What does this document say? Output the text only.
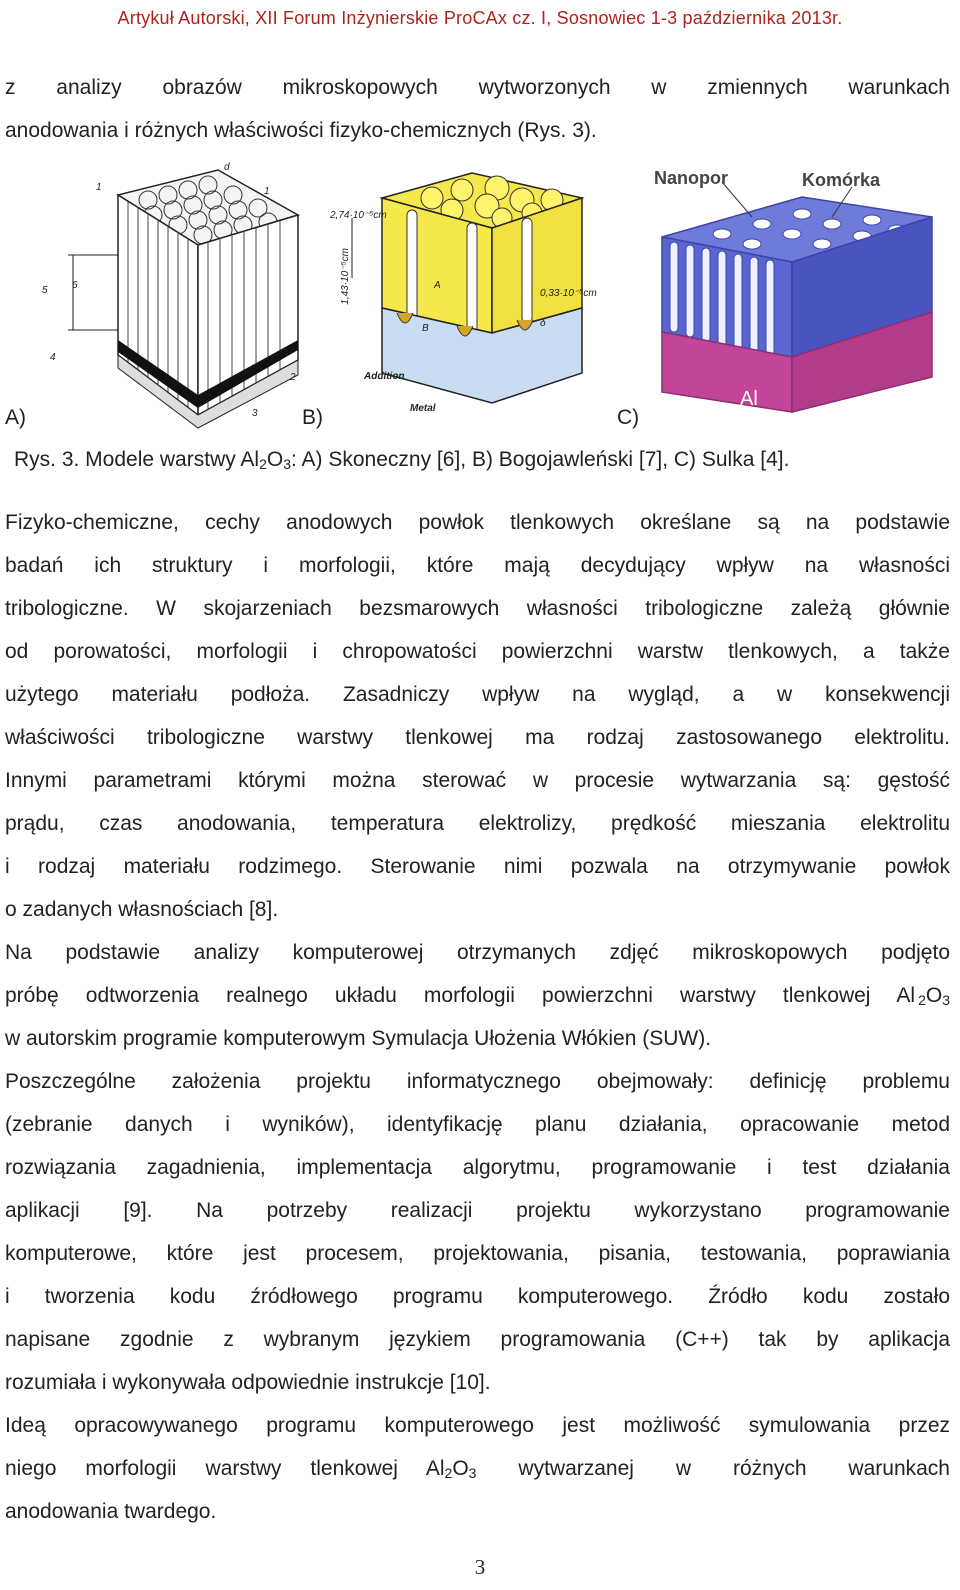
Artykuł Autorski, XII Forum Inżynierskie ProCAx cz. I, Sosnowiec 1-3 października 2013r.
z analizy obrazów mikroskopowych wytworzonych w zmiennych warunkach
anodowania i różnych właściwości fizyko-chemicznych (Rys. 3).
1
d
1
5 6
4
2
3
2,74·10⁻⁵cm
1,43·10⁻⁵cm	0,33·10⁻⁵cm
A
B	δ
Addition
Metal
Nanopor	Komórka
Al
A)	B)	C)
Rys. 3. Modele warstwy $Al_2O_3$: A) Skoneczny [6], B) Bogojawleński [7], C) Sulka [4].
Fizyko-chemiczne, cechy anodowych powłok tlenkowych określane są na podstawie
badań ich struktury i morfologii, które mają decydujący wpływ na własności
tribologiczne. W skojarzeniach bezsmarowych własności tribologiczne zależą głównie
od porowatości, morfologii i chropowatości powierzchni warstw tlenkowych, a także
użytego materiału podłoża. Zasadniczy wpływ na wygląd, a w konsekwencji
właściwości tribologiczne warstwy tlenkowej ma rodzaj zastosowanego elektrolitu.
Innymi parametrami którymi można sterować w procesie wytwarzania są: gęstość
prądu, czas anodowania, temperatura elektrolizy, prędkość mieszania elektrolitu
i rodzaj materiału rodzimego. Sterowanie nimi pozwala na otrzymywanie powłok
o zadanych własnościach [8].
Na podstawie analizy komputerowej otrzymanych zdjęć mikroskopowych podjęto
próbę odtworzenia realnego układu morfologii powierzchni warstwy tlenkowej Al $_2O_3$
w autorskim programie komputerowym Symulacja Ułożenia Włókien (SUW).
Poszczególne założenia projektu informatycznego obejmowały: definicję problemu
(zebranie danych i wyników), identyfikację planu działania, opracowanie metod
rozwiązania zagadnienia, implementacja algorytmu, programowanie i test działania
aplikacji [9]. Na potrzeby realizacji projektu wykorzystano programowanie
komputerowe, które jest procesem, projektowania, pisania, testowania, poprawiania
i tworzenia kodu źródłowego programu komputerowego. Źródło kodu zostało
napisane zgodnie z wybranym językiem programowania (C++) tak by aplikacja
rozumiała i wykonywała odpowiednie instrukcje [10].
Ideą opracowywanego programu komputerowego jest możliwość symulowania przez
niego morfologii warstwy tlenkowej Al $_2O_3$ wytwarzanej w różnych warunkach
anodowania twardego.
3
